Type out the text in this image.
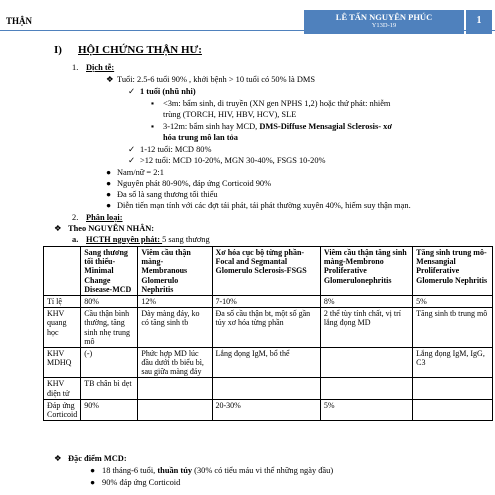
THẬN	LÊ TẤN NGUYÊN PHÚC
Y13D-19	1
I) HỘI CHỨNG THẬN HƯ:
1. Dịch tễ:
❖ Tuổi: 2.5-6 tuổi 90% , khởi bệnh > 10 tuổi có 50% là DMS
✓ 1 tuổi (nhũ nhi)
▪ <3m: bẩm sinh, di truyền (XN gen NPHS 1,2) hoặc thứ phát: nhiễm
trùng (TORCH, HIV, HBV, HCV), SLE
▪ 3-12m: bẩm sinh hay MCD, DMS-Diffuse Mensagial Sclerosis- xơ
hóa trung mô lan tỏa
✓ 1-12 tuổi: MCD 80%
✓ >12 tuổi: MCD 10-20%, MGN 30-40%, FSGS 10-20%
● Nam/nữ = 2:1
● Nguyên phát 80-90%, đáp ứng Corticoid 90%
● Đa số là sang thương tối thiểu
● Diễn tiến mạn tính với các đợt tái phát, tái phát thường xuyên 40%, hiếm suy thận mạn.
2. Phân loại:
❖ Theo NGUYÊN NHÂN:
a. HCTH nguyên phát: 5 sang thương
	Sang thương tối thiểu-Minimal Change Disease-MCD	Viêm cầu thận màng-Membranous Glomerulo Nephritis	Xơ hóa cục bộ từng phần-Focal and Segmantal Glomerulo Sclerosis-FSGS	Viêm cầu thận tăng sinh màng-Membrono Proliferative Glomerulonephritis	Tăng sinh trung mô-Mensangial Proliferative Glomerulo Nephritis
Tỉ lệ	80%	12%	7-10%	8%	5%
KHV quang học	Cầu thận bình thường, tăng sinh nhẹ trung mô	Dày màng đáy, ko có tăng sinh tb	Đa số cầu thận bt, một số gần tủy xơ hóa từng phần	2 thể tùy tính chất, vị trí lắng đọng MD	Tăng sinh tb trung mô
KHV MDHQ	(-)	Phức hợp MD lúc đầu dưới tb biểu bì, sau giữa màng đáy	Lắng đọng IgM, bổ thể		Lắng đọng IgM, IgG, C3
KHV điện tử	TB chân bì dẹt				
Đáp ứng Corticoid	90%		20-30%	5%	
❖ Đặc điểm MCD:
● 18 tháng-6 tuổi, thuần túy (30% có tiểu máu vi thể những ngày đầu)
● 90% đáp ứng Corticoid
